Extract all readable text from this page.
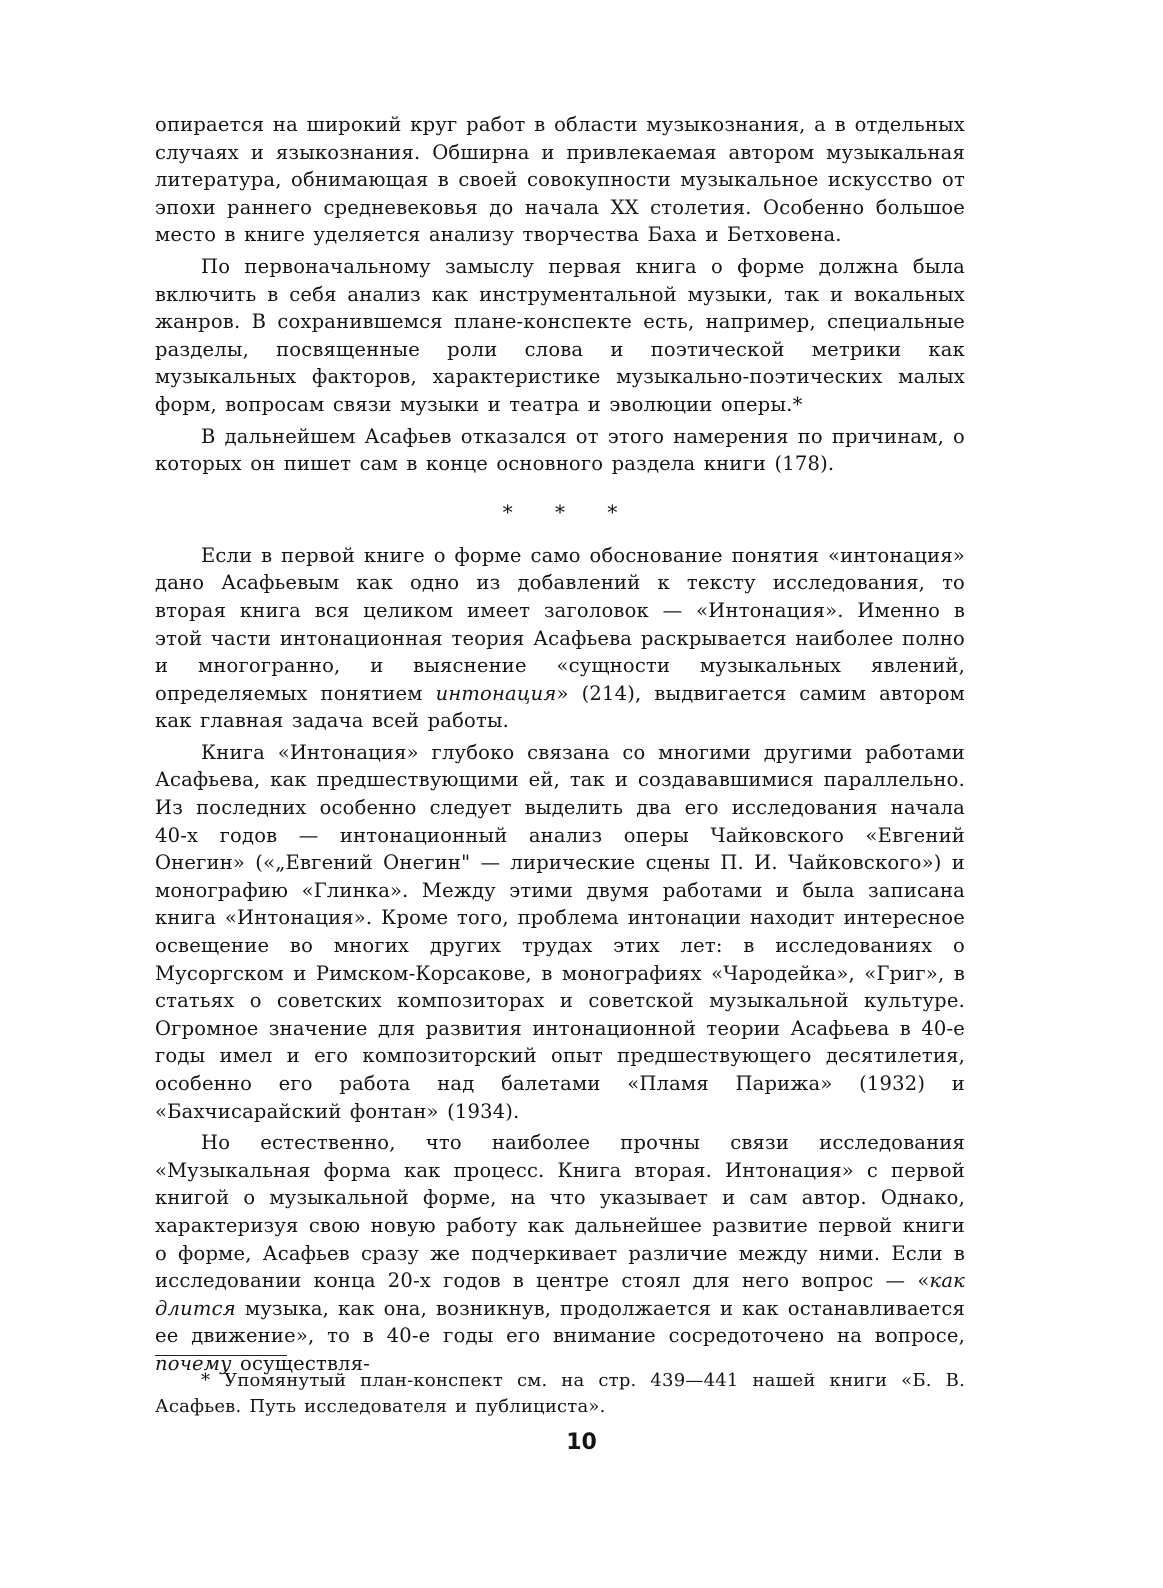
опирается на широкий круг работ в области музыкознания, а в отдельных случаях и языкознания. Обширна и привлекаемая автором музыкальная литература, обнимающая в своей совокупности музыкальное искусство от эпохи раннего средневековья до начала XX столетия. Особенно большое место в книге уделяется анализу творчества Баха и Бетховена.

По первоначальному замыслу первая книга о форме должна была включить в себя анализ как инструментальной музыки, так и вокальных жанров. В сохранившемся плане-конспекте есть, например, специальные разделы, посвященные роли слова и поэтической метрики как музыкальных факторов, характеристике музыкально-поэтических малых форм, вопросам связи музыки и театра и эволюции оперы.*

В дальнейшем Асафьев отказался от этого намерения по причинам, о которых он пишет сам в конце основного раздела книги (178).

* * *

Если в первой книге о форме само обоснование понятия «интонация» дано Асафьевым как одно из добавлений к тексту исследования, то вторая книга вся целиком имеет заголовок — «Интонация». Именно в этой части интонационная теория Асафьева раскрывается наиболее полно и многогранно, и выяснение «сущности музыкальных явлений, определяемых понятием интонация» (214), выдвигается самим автором как главная задача всей работы.

Книга «Интонация» глубоко связана со многими другими работами Асафьева, как предшествующими ей, так и создававшимися параллельно. Из последних особенно следует выделить два его исследования начала 40-х годов — интонационный анализ оперы Чайковского «Евгений Онегин» («„Евгений Онегин" — лирические сцены П. И. Чайковского») и монографию «Глинка». Между этими двумя работами и была записана книга «Интонация». Кроме того, проблема интонации находит интересное освещение во многих других трудах этих лет: в исследованиях о Мусоргском и Римском-Корсакове, в монографиях «Чародейка», «Григ», в статьях о советских композиторах и советской музыкальной культуре. Огромное значение для развития интонационной теории Асафьева в 40-е годы имел и его композиторский опыт предшествующего десятилетия, особенно его работа над балетами «Пламя Парижа» (1932) и «Бахчисарайский фонтан» (1934).

Но естественно, что наиболее прочны связи исследования «Музыкальная форма как процесс. Книга вторая. Интонация» с первой книгой о музыкальной форме, на что указывает и сам автор. Однако, характеризуя свою новую работу как дальнейшее развитие первой книги о форме, Асафьев сразу же подчеркивает различие между ними. Если в исследовании конца 20-х годов в центре стоял для него вопрос — «как длится музыка, как она, возникнув, продолжается и как останавливается ее движение», то в 40-е годы его внимание сосредоточено на вопросе, почему осуществля-

* Упомянутый план-конспект см. на стр. 439—441 нашей книги «Б. В. Асафьев. Путь исследователя и публициста».

10
